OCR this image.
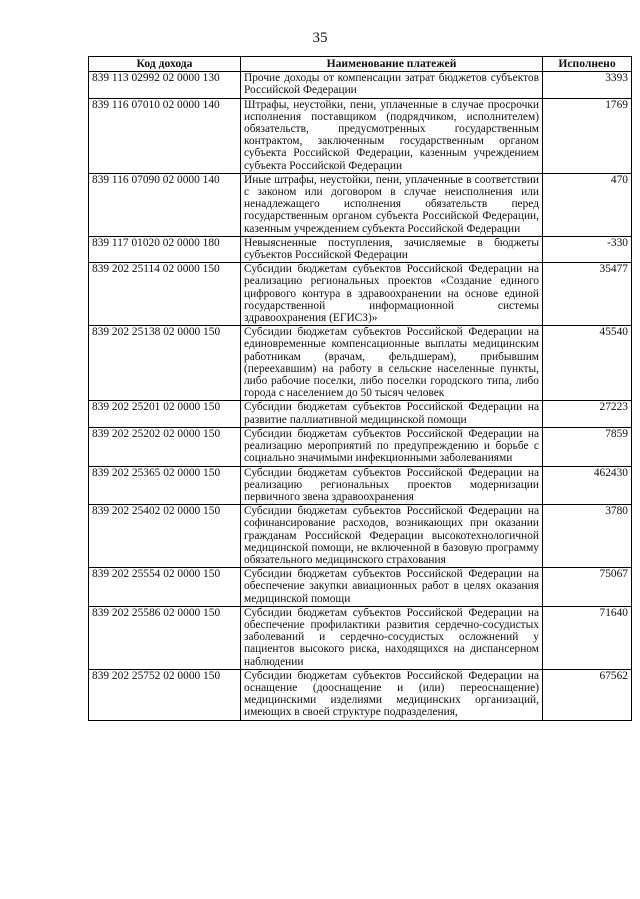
35
Код дохода	Наименование платежей	Исполнено
839 113 02992 02 0000 130	Прочие доходы от компенсации затрат бюджетов субъектов Российской Федерации	3393
839 116 07010 02 0000 140	Штрафы, неустойки, пени, уплаченные в случае просрочки исполнения поставщиком (подрядчиком, исполнителем) обязательств, предусмотренных государственным контрактом, заключенным государственным органом субъекта Российской Федерации, казенным учреждением субъекта Российской Федерации	1769
839 116 07090 02 0000 140	Иные штрафы, неустойки, пени, уплаченные в соответствии с законом или договором в случае неисполнения или ненадлежащего исполнения обязательств перед государственным органом субъекта Российской Федерации, казенным учреждением субъекта Российской Федерации	470
839 117 01020 02 0000 180	Невыясненные поступления, зачисляемые в бюджеты субъектов Российской Федерации	-330
839 202 25114 02 0000 150	Субсидии бюджетам субъектов Российской Федерации на реализацию региональных проектов «Создание единого цифрового контура в здравоохранении на основе единой государственной информационной системы здравоохранения (ЕГИСЗ)»	35477
839 202 25138 02 0000 150	Субсидии бюджетам субъектов Российской Федерации на единовременные компенсационные выплаты медицинским работникам (врачам, фельдшерам), прибывшим (переехавшим) на работу в сельские населенные пункты, либо рабочие поселки, либо поселки городского типа, либо города с населением до 50 тысяч человек	45540
839 202 25201 02 0000 150	Субсидии бюджетам субъектов Российской Федерации на развитие паллиативной медицинской помощи	27223
839 202 25202 02 0000 150	Субсидии бюджетам субъектов Российской Федерации на реализацию мероприятий по предупреждению и борьбе с социально значимыми инфекционными заболеваниями	7859
839 202 25365 02 0000 150	Субсидии бюджетам субъектов Российской Федерации на реализацию региональных проектов модернизации первичного звена здравоохранения	462430
839 202 25402 02 0000 150	Субсидии бюджетам субъектов Российской Федерации на софинансирование расходов, возникающих при оказании гражданам Российской Федерации высокотехнологичной медицинской помощи, не включенной в базовую программу обязательного медицинского страхования	3780
839 202 25554 02 0000 150	Субсидии бюджетам субъектов Российской Федерации на обеспечение закупки авиационных работ в целях оказания медицинской помощи	75067
839 202 25586 02 0000 150	Субсидии бюджетам субъектов Российской Федерации на обеспечение профилактики развития сердечно-сосудистых заболеваний и сердечно-сосудистых осложнений у пациентов высокого риска, находящихся на диспансерном наблюдении	71640
839 202 25752 02 0000 150	Субсидии бюджетам субъектов Российской Федерации на оснащение (дооснащение и (или) переоснащение) медицинскими изделиями медицинских организаций, имеющих в своей структуре подразделения,	67562
